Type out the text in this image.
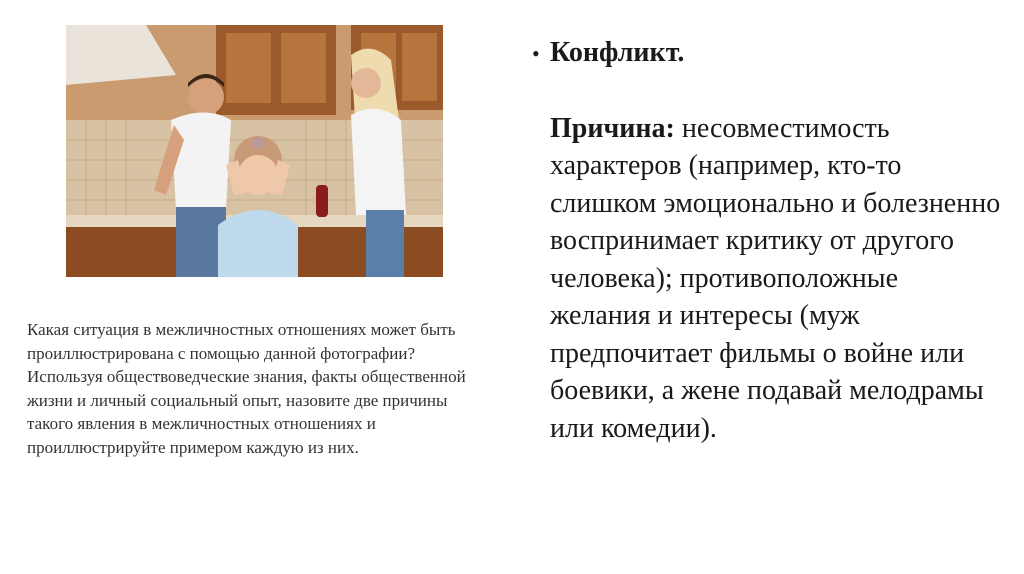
Какая ситуация в межличностных отношениях может быть проиллюстрирована с помощью данной фотографии? Используя обществоведческие знания, факты общественной жизни и личный социальный опыт, назовите две причины такого явления в межличностных отношениях и проиллюстрируйте примером каждую из них.

• Конфликт.
Причина: несовместимость характеров (например, кто-то слишком эмоционально и болезненно воспринимает критику от другого человека); противоположные желания и интересы (муж предпочитает фильмы о войне или боевики, а жене подавай мелодрамы или комедии).
